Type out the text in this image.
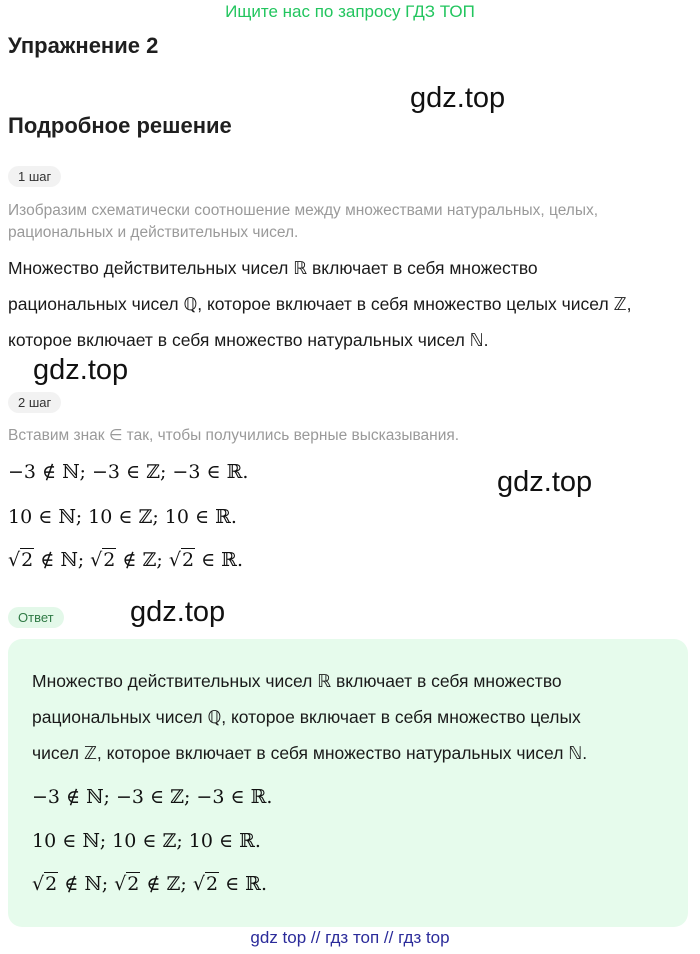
Ищите нас по запросу ГДЗ ТОП
Упражнение 2
gdz.top
Подробное решение
1 шаг
Изобразим схематически соотношение между множествами натуральных, целых, рациональных и действительных чисел.
Множество действительных чисел ℝ включает в себя множество
рациональных чисел ℚ, которое включает в себя множество целых чисел ℤ,
которое включает в себя множество натуральных чисел ℕ.
gdz.top
2 шаг
Вставим знак ∈ так, чтобы получились верные высказывания.
−3 ∉ ℕ; −3 ∈ ℤ; −3 ∈ ℝ.	gdz.top
10 ∈ ℕ; 10 ∈ ℤ; 10 ∈ ℝ.
√2 ∉ ℕ; √2 ∉ ℤ; √2 ∈ ℝ.
Ответ	gdz.top
Множество действительных чисел ℝ включает в себя множество
рациональных чисел ℚ, которое включает в себя множество целых
чисел ℤ, которое включает в себя множество натуральных чисел ℕ.
−3 ∉ ℕ; −3 ∈ ℤ; −3 ∈ ℝ.
10 ∈ ℕ; 10 ∈ ℤ; 10 ∈ ℝ.
√2 ∉ ℕ; √2 ∉ ℤ; √2 ∈ ℝ.
gdz top // гдз топ // гдз top
